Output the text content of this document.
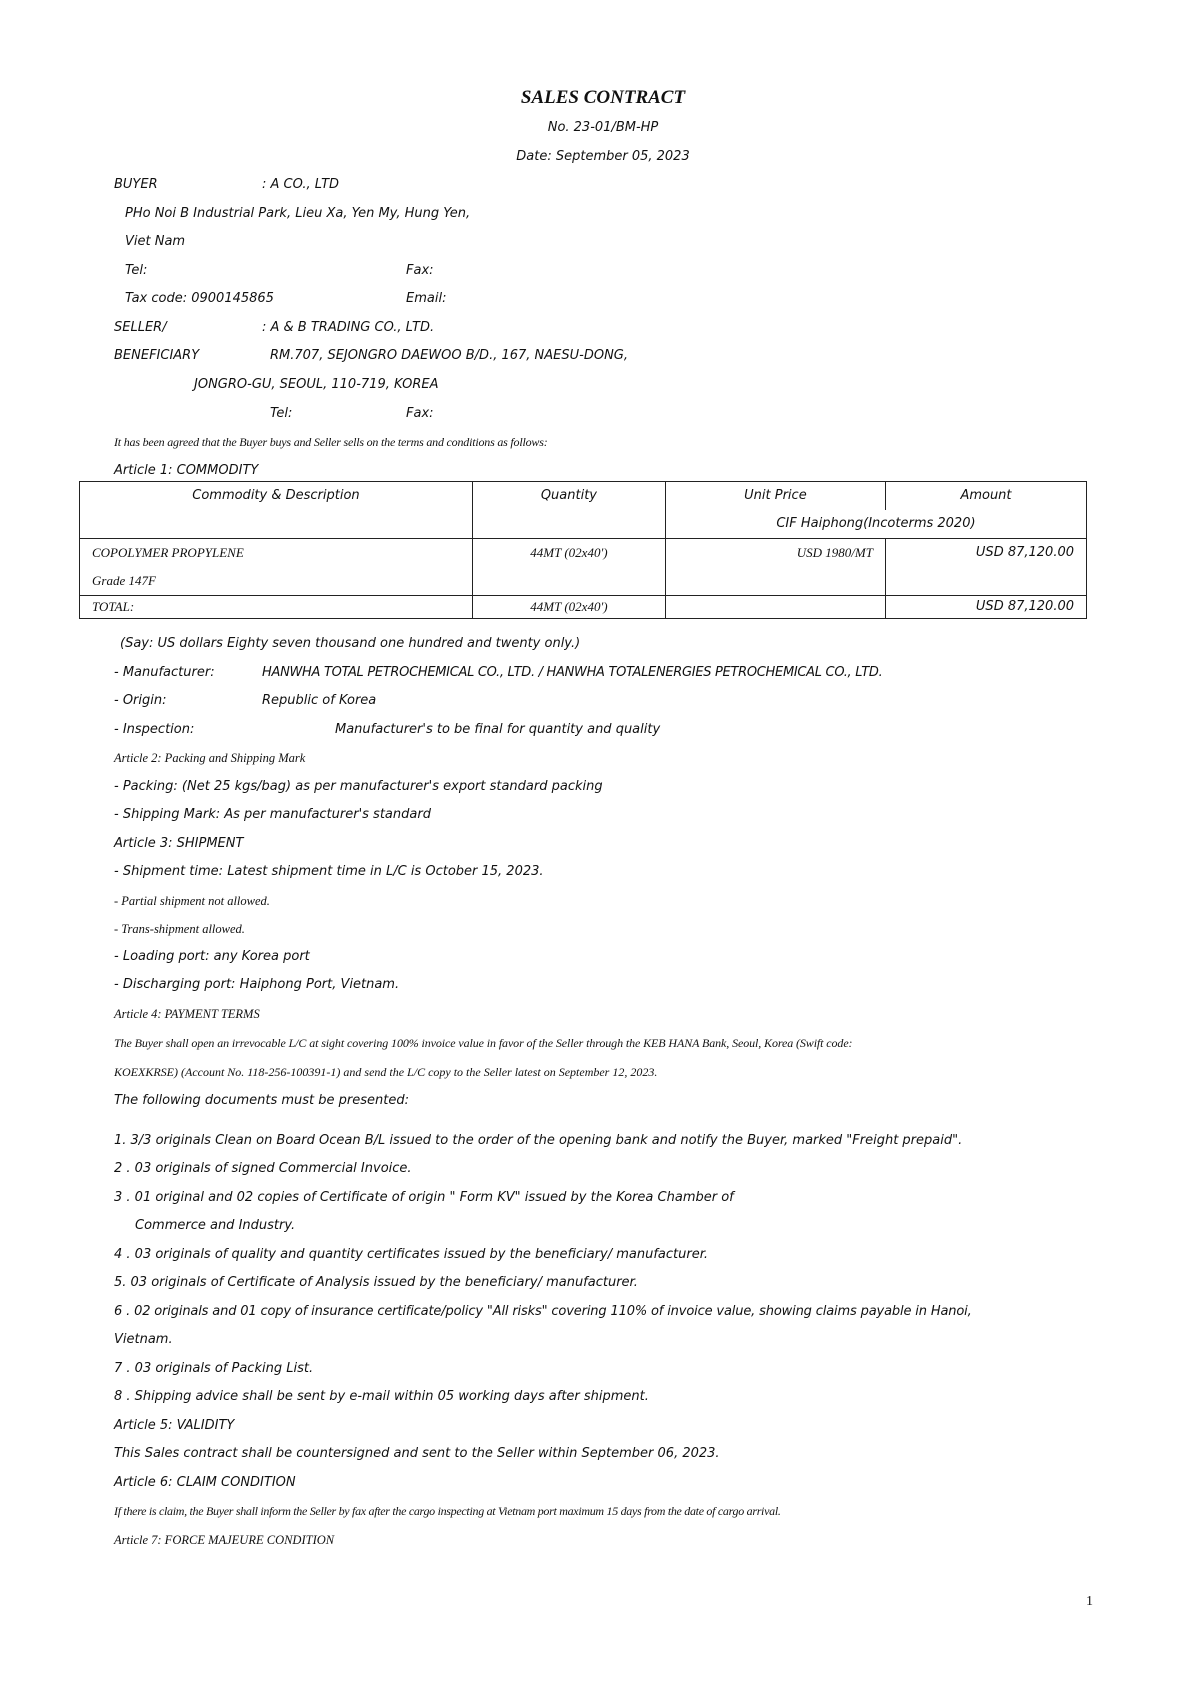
SALES CONTRACT
No. 23-01/BM-HP
Date: September 05, 2023
BUYER	: A CO., LTD
PHo Noi B Industrial Park, Lieu Xa, Yen My, Hung Yen,
Viet Nam
Tel:	Fax:
Tax code: 0900145865	Email:
SELLER/	: A & B TRADING CO., LTD.
BENEFICIARY	RM.707, SEJONGRO DAEWOO B/D., 167, NAESU-DONG,
JONGRO-GU, SEOUL, 110-719, KOREA
Tel:	Fax:
It has been agreed that the Buyer buys and Seller sells on the terms and conditions as follows:
Article 1: COMMODITY
Commodity & Description	Quantity	Unit Price	Amount
		CIF Haiphong(Incoterms 2020)	

COPOLYMER PROPYLENE
Grade 147F	44MT (02x40')	USD 1980/MT	USD 87,120.00
TOTAL:	44MT (02x40')		USD 87,120.00
(Say: US dollars Eighty seven thousand one hundred and twenty only.)
- Manufacturer:	HANWHA TOTAL PETROCHEMICAL CO., LTD. / HANWHA TOTALENERGIES PETROCHEMICAL CO., LTD.
- Origin:	Republic of Korea
- Inspection:	Manufacturer's to be final for quantity and quality
Article 2: Packing and Shipping Mark
- Packing: (Net 25 kgs/bag) as per manufacturer's export standard packing
- Shipping Mark: As per manufacturer's standard
Article 3: SHIPMENT
- Shipment time: Latest shipment time in L/C is October 15, 2023.
- Partial shipment not allowed.
- Trans-shipment allowed.
- Loading port: any Korea port
- Discharging port: Haiphong Port, Vietnam.
Article 4: PAYMENT TERMS
The Buyer shall open an irrevocable L/C at sight covering 100% invoice value in favor of the Seller through the KEB HANA Bank, Seoul, Korea (Swift code:
KOEXKRSE) (Account No. 118-256-100391-1) and send the L/C copy to the Seller latest on September 12, 2023.
The following documents must be presented:
1. 3/3 originals Clean on Board Ocean B/L issued to the order of the opening bank and notify the Buyer, marked "Freight prepaid".
2 . 03 originals of signed Commercial Invoice.
3 . 01 original and 02 copies of Certificate of origin " Form KV" issued by the Korea Chamber of
Commerce and Industry.
4 . 03 originals of quality and quantity certificates issued by the beneficiary/ manufacturer.
5. 03 originals of Certificate of Analysis issued by the beneficiary/ manufacturer.
6 . 02 originals and 01 copy of insurance certificate/policy "All risks" covering 110% of invoice value, showing claims payable in Hanoi,
Vietnam.
7 . 03 originals of Packing List.
8 . Shipping advice shall be sent by e-mail within 05 working days after shipment.
Article 5: VALIDITY
This Sales contract shall be countersigned and sent to the Seller within September 06, 2023.
Article 6: CLAIM CONDITION
If there is claim, the Buyer shall inform the Seller by fax after the cargo inspecting at Vietnam port maximum 15 days from the date of cargo arrival.
Article 7: FORCE MAJEURE CONDITION
1
